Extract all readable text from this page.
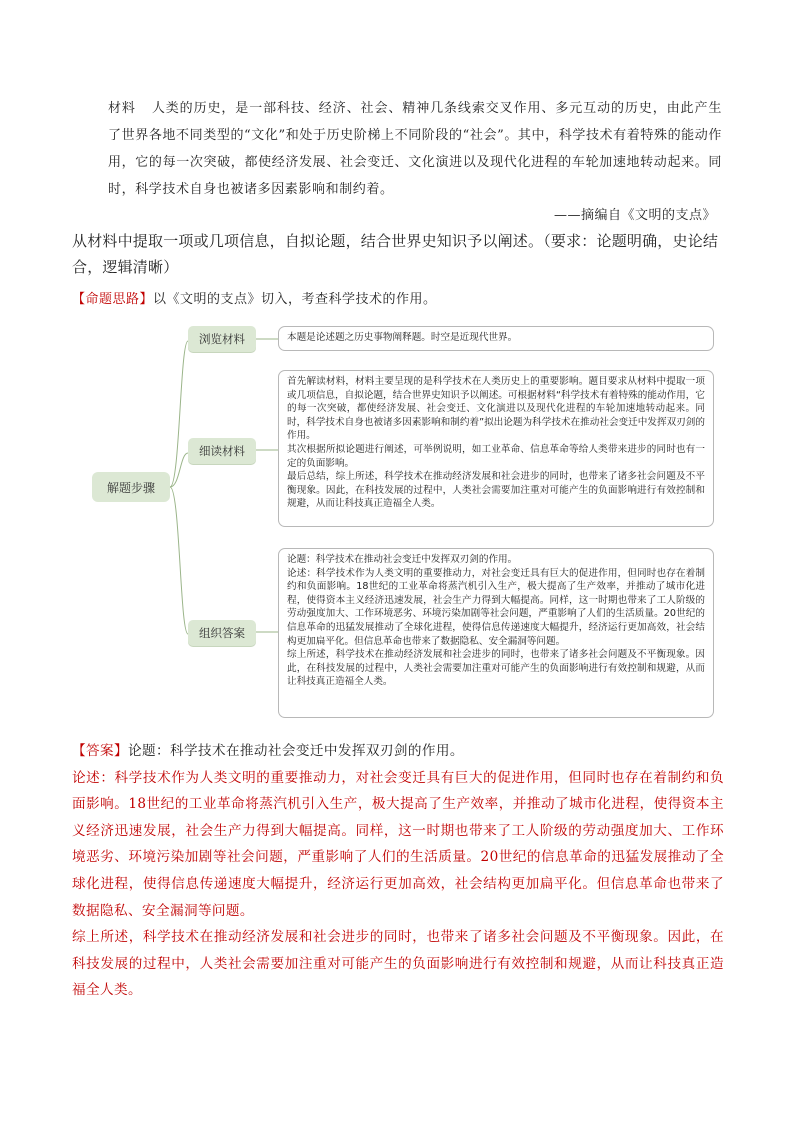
材料 人类的历史，是一部科技、经济、社会、精神几条线索交叉作用、多元互动的历史，由此产生了世界各地不同类型的“文化”和处于历史阶梯上不同阶段的“社会”。其中，科学技术有着特殊的能动作用，它的每一次突破，都使经济发展、社会变迁、文化演进以及现代化进程的车轮加速地转动起来。同时，科学技术自身也被诸多因素影响和制约着。
——摘编自《文明的支点》
从材料中提取一项或几项信息，自拟论题，结合世界史知识予以阐述。（要求：论题明确，史论结合，逻辑清晰）
【命题思路】以《文明的支点》切入，考查科学技术的作用。
解题步骤
浏览材料	本题是论述题之历史事物阐释题。时空是近现代世界。

细读材料

首先解读材料，材料主要呈现的是科学技术在人类历史上的重要影响。题目要求从材料中提取一项或几项信息，自拟论题，结合世界史知识予以阐述。可根据材料“科学技术有着特殊的能动作用，它的每一次突破，都使经济发展、社会变迁、文化演进以及现代化进程的车轮加速地转动起来。同时，科学技术自身也被诸多因素影响和制约着”拟出论题为科学技术在推动社会变迁中发挥双刃剑的作用。

其次根据所拟论题进行阐述，可举例说明，如工业革命、信息革命等给人类带来进步的同时也有一定的负面影响。

最后总结，综上所述，科学技术在推动经济发展和社会进步的同时，也带来了诸多社会问题及不平衡现象。因此，在科技发展的过程中，人类社会需要加注重对可能产生的负面影响进行有效控制和规避，从而让科技真正造福全人类。

组织答案

论题：科学技术在推动社会变迁中发挥双刃剑的作用。

论述：科学技术作为人类文明的重要推动力，对社会变迁具有巨大的促进作用，但同时也存在着制约和负面影响。18世纪的工业革命将蒸汽机引入生产，极大提高了生产效率，并推动了城市化进程，使得资本主义经济迅速发展，社会生产力得到大幅提高。同样，这一时期也带来了工人阶级的劳动强度加大、工作环境恶劣、环境污染加剧等社会问题，严重影响了人们的生活质量。20世纪的信息革命的迅猛发展推动了全球化进程，使得信息传递速度大幅提升，经济运行更加高效，社会结构更加扁平化。但信息革命也带来了数据隐私、安全漏洞等问题。

综上所述，科学技术在推动经济发展和社会进步的同时，也带来了诸多社会问题及不平衡现象。因此，在科技发展的过程中，人类社会需要加注重对可能产生的负面影响进行有效控制和规避，从而让科技真正造福全人类。

【答案】论题：科学技术在推动社会变迁中发挥双刃剑的作用。

论述：科学技术作为人类文明的重要推动力，对社会变迁具有巨大的促进作用，但同时也存在着制约和负面影响。18世纪的工业革命将蒸汽机引入生产，极大提高了生产效率，并推动了城市化进程，使得资本主义经济迅速发展，社会生产力得到大幅提高。同样，这一时期也带来了工人阶级的劳动强度加大、工作环境恶劣、环境污染加剧等社会问题，严重影响了人们的生活质量。20世纪的信息革命的迅猛发展推动了全球化进程，使得信息传递速度大幅提升，经济运行更加高效，社会结构更加扁平化。但信息革命也带来了数据隐私、安全漏洞等问题。

综上所述，科学技术在推动经济发展和社会进步的同时，也带来了诸多社会问题及不平衡现象。因此，在科技发展的过程中，人类社会需要加注重对可能产生的负面影响进行有效控制和规避，从而让科技真正造福全人类。
